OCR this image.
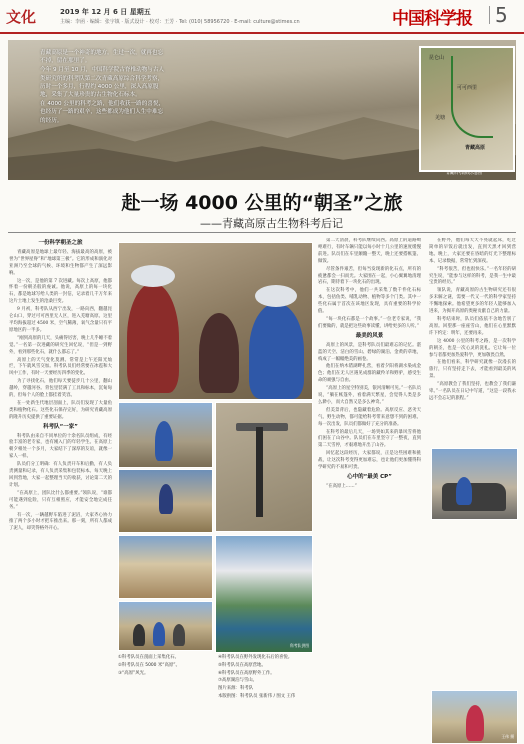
文化	2019 年 12 月 6 日 星期五
主编：李函 · 编辑：张宇镇 · 版式设计 · 校对：王芳 · Tel: (010) 58956720 · E-mail: culture@stimes.cn	中国科学报 5

青藏高原是一个神奇的地方。生过一次，就再也忘不掉，留在那里了。

今年 9 月至 10 月，中国科学院古脊椎动物与古人类研究所的科考队第二次青藏高原综合科学考察，历时一个多月，行程约 4000 公里，深入高原腹地，采集了大量珍贵的古生物化石标本。

在 4000 公里的科考之路，他们收获一路的喜悦，也经历了一路的艰辛，这些都成为他们人生中难忘的经历。

昆仑山
可可西里
羌塘
青藏高原
青藏科考路线示意图
赴一场 4000 公里的“朝圣”之旅
——青藏高原古生物科考后记
一份科学朝圣之旅

青藏高原是地球上最年轻、海拔最高的高原，被誉为“世界屋脊”和“地球第三极”。它的形成和演化对亚洲乃至全球的气候、环境和生物都产生了深远影响。

这一次，是他的第 7 次进藏。每次上高原，他都怀着一份朝圣般的虔诚。他说，高原上的每一块化石，都是地球写给人类的一封信，记录着几千万年来这片土地上发生的沧桑巨变。

9 月初，科考队从西宁出发，一路向西，翻越昆仑山口，穿过可可西里无人区，进入羌塘高原。这里平均海拔超过 4500 米，空气稀薄，氧气含量只有平原地区的一半多。

“刚到高原的几天，头痛得厉害，晚上几乎睡不着觉。”一名第一次进藏的研究生回忆说，“但是一到野外，看到那些化石，就什么都忘了。”

高原上的天气变化莫测。常常是上午还阳光灿烂，下午就风雪交加。科考队员们经常要在冰雹和大风中工作，有时一天要经历四季的变化。

为了寻找化石，他们每天要徒步几十公里，翻山越岭，穿越河谷。背包里装满了工具和标本，沉甸甸的，但每个人的脸上都挂着笑容。

在一处新生代地层剖面上，队员们发现了大量鱼类和植物化石。这些化石保存完好，为研究青藏高原的隆升历史提供了重要证据。

科考队“一家”

科考队由来自不同单位的十余名队员组成，有经验丰富的老专家，也有刚入门的年轻学生。在高原上朝夕相处一个多月，大家结下了深厚的友谊，就像一家人一样。

队员们分工明确：有人负责开车和后勤，有人负责测量和记录，有人负责采集和包装标本。每天晚上回到营地，大家一起整理当天的收获，讨论第二天的计划。

“在高原上，团队比什么都重要。”领队说，“谁都可能遇到危险，只有互相照应，才能安全地完成任务。”

有一次，一辆越野车陷进了泥沼，大家齐心协力推了两个多小时才把车推出来。那一刻，所有人都成了泥人，却笑得格外开心。

第二天清晨，科考队继续向西。高原上的道路崎岖难行，有时车辆只能以每小时十几公里的速度缓慢前进。队员们在车里颠簸一整天，晚上还要搭帐篷、做饭。

尽管条件艰苦，但每当发现新的化石点，所有的疲惫都会一扫而光。大家围在一起，小心翼翼地清理岩石，期待着下一块化石的出现。

在这次科考中，他们一共采集了数千件化石标本，包括鱼类、哺乳动物、植物等多个门类。其中一些化石属于首次在该地区发现，具有重要的科学价值。

“每一块化石都是一个故事。”一位老专家说，“我们要做的，就是把这些故事读懂，讲给更多的人听。”

最美的风景

高原上的风景，是科考队员们最难忘的记忆。湛蓝的天空、洁白的雪山、碧绿的湖泊、金黄的草地，构成了一幅幅绝美的画卷。

他们在纳木错湖畔扎营，看着夕阳将湖水染成金色；他们在无人区遇见成群的藏羚羊和野驴，感受生命的顽强与自由。

“高原上的星空特别美，银河清晰可见。”一名队员说，“躺在帐篷外，看着满天繁星，会觉得人类是多么渺小，而大自然又是多么神奇。”

但美景背后，也隐藏着危险。高原反应、恶劣天气、野生动物，都可能给科考带来意想不到的困难。每一次出发，队员们都做好了充分的准备。

在科考的最后几天，一场突如其来的暴风雪将他们困在了山谷中。队员们在车里坚守了一整夜，直到第二天雪停，才艰难地开出了山谷。

回忆起这段经历，大家都说，正是这些困难和挑战，让这次科考变得更加难忘，也让他们更加懂得科学研究的不易和可贵。

心中的“最美 CP”

“在高原上……”

在野外，他们每天天不亮就起床，吃过简单的早饭后就出发，直到天黑才回到营地。晚上，大家还要在昏暗的灯光下整理标本、记录数据，常常忙到深夜。

“科考很苦，但也很快乐。”一名年轻的研究生说，“能参与这样的科考，是我一生中最宝贵的经历。”

领队说，青藏高原的古生物研究还有很多未解之谜，需要一代又一代的科学家坚持不懈地探索。他希望更多的年轻人能够加入进来，为揭开高原的奥秘贡献自己的力量。

科考结束时，队员们依依不舍地告别了高原。回望那一座座雪山，他们在心里默默许下约定：明年，还要再来。

这 4000 公里的科考之路，是一次科学的朝圣，也是一次心灵的洗礼。它让每一位参与者都更加热爱科学，更加敬畏自然。

在他们看来，科学研究就像一次漫长的旅行，只有坚持走下去，才能看到最美的风景。

“高原教会了我们坚持，也教会了我们谦卑。”一名队员在日记中写道，“这是一段我永远不会忘记的旅程。”

科考队供图
王伟 摄
①科考队员在剖面上采集化石。
②科考队员在 5000 米“高原”。
③“高原”风光。
④科考队员在野外发现化石后的喜悦。
⑤科考队员在高原营地。
⑥科考队员在高原野外工作。
⑦高原湖泊与雪山。
图片来源：科考队
本版供图：科考队员 张新伟 / 图文 王伟
